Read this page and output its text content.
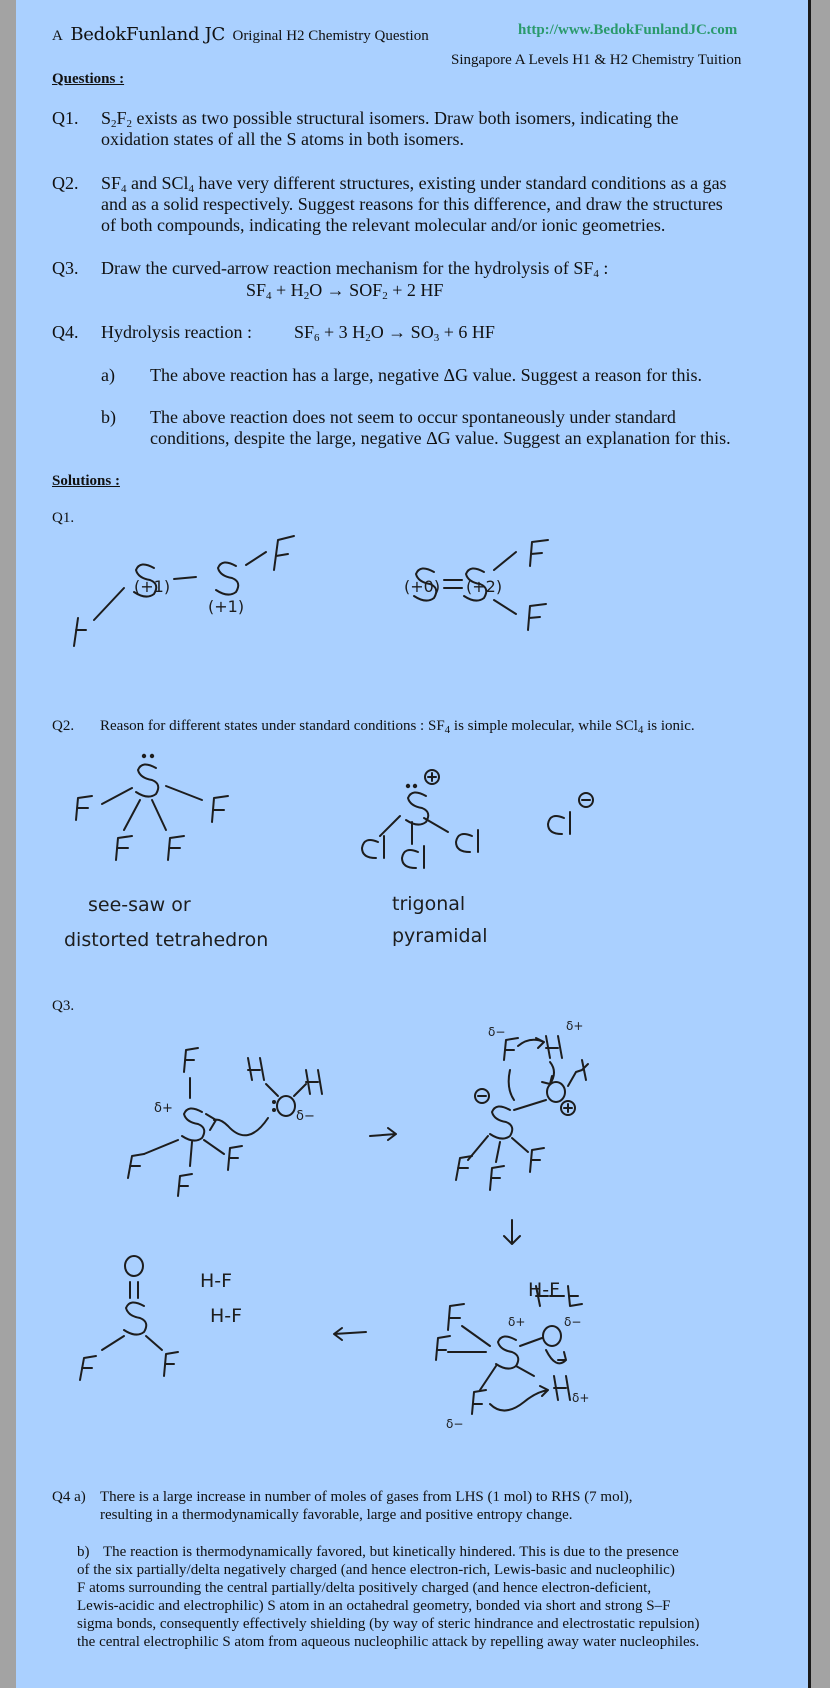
A BedokFunland JC Original H2 Chemistry Question	http://www.BedokFunlandJC.com
Singapore A Levels H1 & H2 Chemistry Tuition
Questions :
Q1. $S_2F_2$ exists as two possible structural isomers. Draw both isomers, indicating the
oxidation states of all the S atoms in both isomers.
Q2. $SF_4$ and SCl$_4$ have very different structures, existing under standard conditions as a gas
and as a solid respectively. Suggest reasons for this difference, and draw the structures
of both compounds, indicating the relevant molecular and/or ionic geometries.
Q3. Draw the curved-arrow reaction mechanism for the hydrolysis of $SF_4$ :
$SF_4 + H_2O \to SOF_2 + 2$ HF
Q4. Hydrolysis reaction : $SF_6 + 3$ $H_2O \to SO_3 + 6$ HF
a) The above reaction has a large, negative ΔG value. Suggest a reason for this.
b) The above reaction does not seem to occur spontaneously under standard
conditions, despite the large, negative ΔG value. Suggest an explanation for this.
Solutions :
Q1.
(+1)
(+1)
(+0) (+2)
Q2. Reason for different states under standard conditions : $SF_4$ is simple molecular, while SCl$_4$ is ionic.
see-saw or
distorted tetrahedron
trigonal
pyramidal
Q3.
δ+
δ−
δ−	δ+
δ+	δ−
δ−
δ+
H-F
H-F
H-F
Q4 a) There is a large increase in number of moles of gases from LHS (1 mol) to RHS (7 mol),
resulting in a thermodynamically favorable, large and positive entropy change.
b) The reaction is thermodynamically favored, but kinetically hindered. This is due to the presence
of the six partially/delta negatively charged (and hence electron-rich, Lewis-basic and nucleophilic)
F atoms surrounding the central partially/delta positively charged (and hence electron-deficient,
Lewis-acidic and electrophilic) S atom in an octahedral geometry, bonded via short and strong S–F
sigma bonds, consequently effectively shielding (by way of steric hindrance and electrostatic repulsion)
the central electrophilic S atom from aqueous nucleophilic attack by repelling away water nucleophiles.
